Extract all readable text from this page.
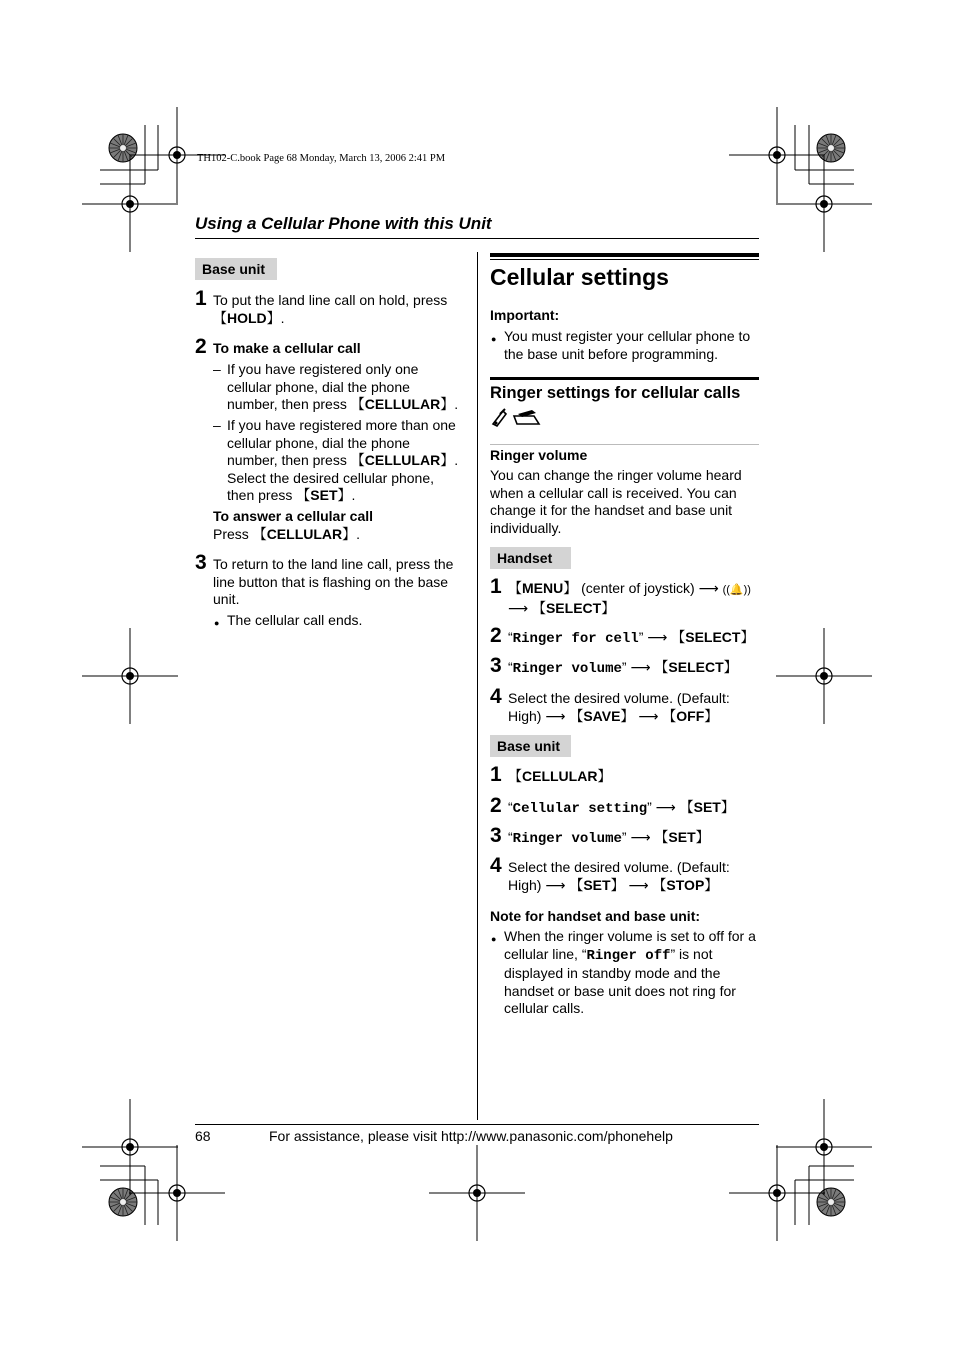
TH102-C.book Page 68 Monday, March 13, 2006 2:41 PM
Using a Cellular Phone with this Unit
Base unit
1 To put the land line call on hold, press
【 HOLD 】 .
2 To make a cellular call
– If you have registered only one
cellular phone, dial the phone
number, then press 【 CELLULAR 】 .
– If you have registered more than one
cellular phone, dial the phone
number, then press 【 CELLULAR 】 .
Select the desired cellular phone,
then press 【 SET 】 .
To answer a cellular call
Press 【 CELLULAR 】 .
3 To return to the land line call, press the
line button that is flashing on the base
unit.
● The cellular call ends.
Cellular settings
Important:
● You must register your cellular phone to
the base unit before programming.
Ringer settings for cellular calls
Ringer volume
You can change the ringer volume heard
when a cellular call is received. You can
change it for the handset and base unit
individually.
Handset
1	【 MENU 】 (center of joystick) ⟶ ((🔔))
⟶ 【 SELECT 】
2 “Ringer for cell” ⟶ 【 SELECT 】
3 “Ringer volume” ⟶ 【 SELECT 】
4 Select the desired volume. (Default:
High) ⟶ 【 SAVE 】 ⟶ 【 OFF 】
Base unit
1	【 CELLULAR 】
2 “Cellular setting” ⟶ 【 SET 】
3 “Ringer volume” ⟶ 【 SET 】
4 Select the desired volume. (Default:
High) ⟶ 【 SET 】 ⟶ 【 STOP 】
Note for handset and base unit:
● When the ringer volume is set to off for a
cellular line, “Ringer off” is not
displayed in standby mode and the
handset or base unit does not ring for
cellular calls.
68	For assistance, please visit http://www.panasonic.com/phonehelp
